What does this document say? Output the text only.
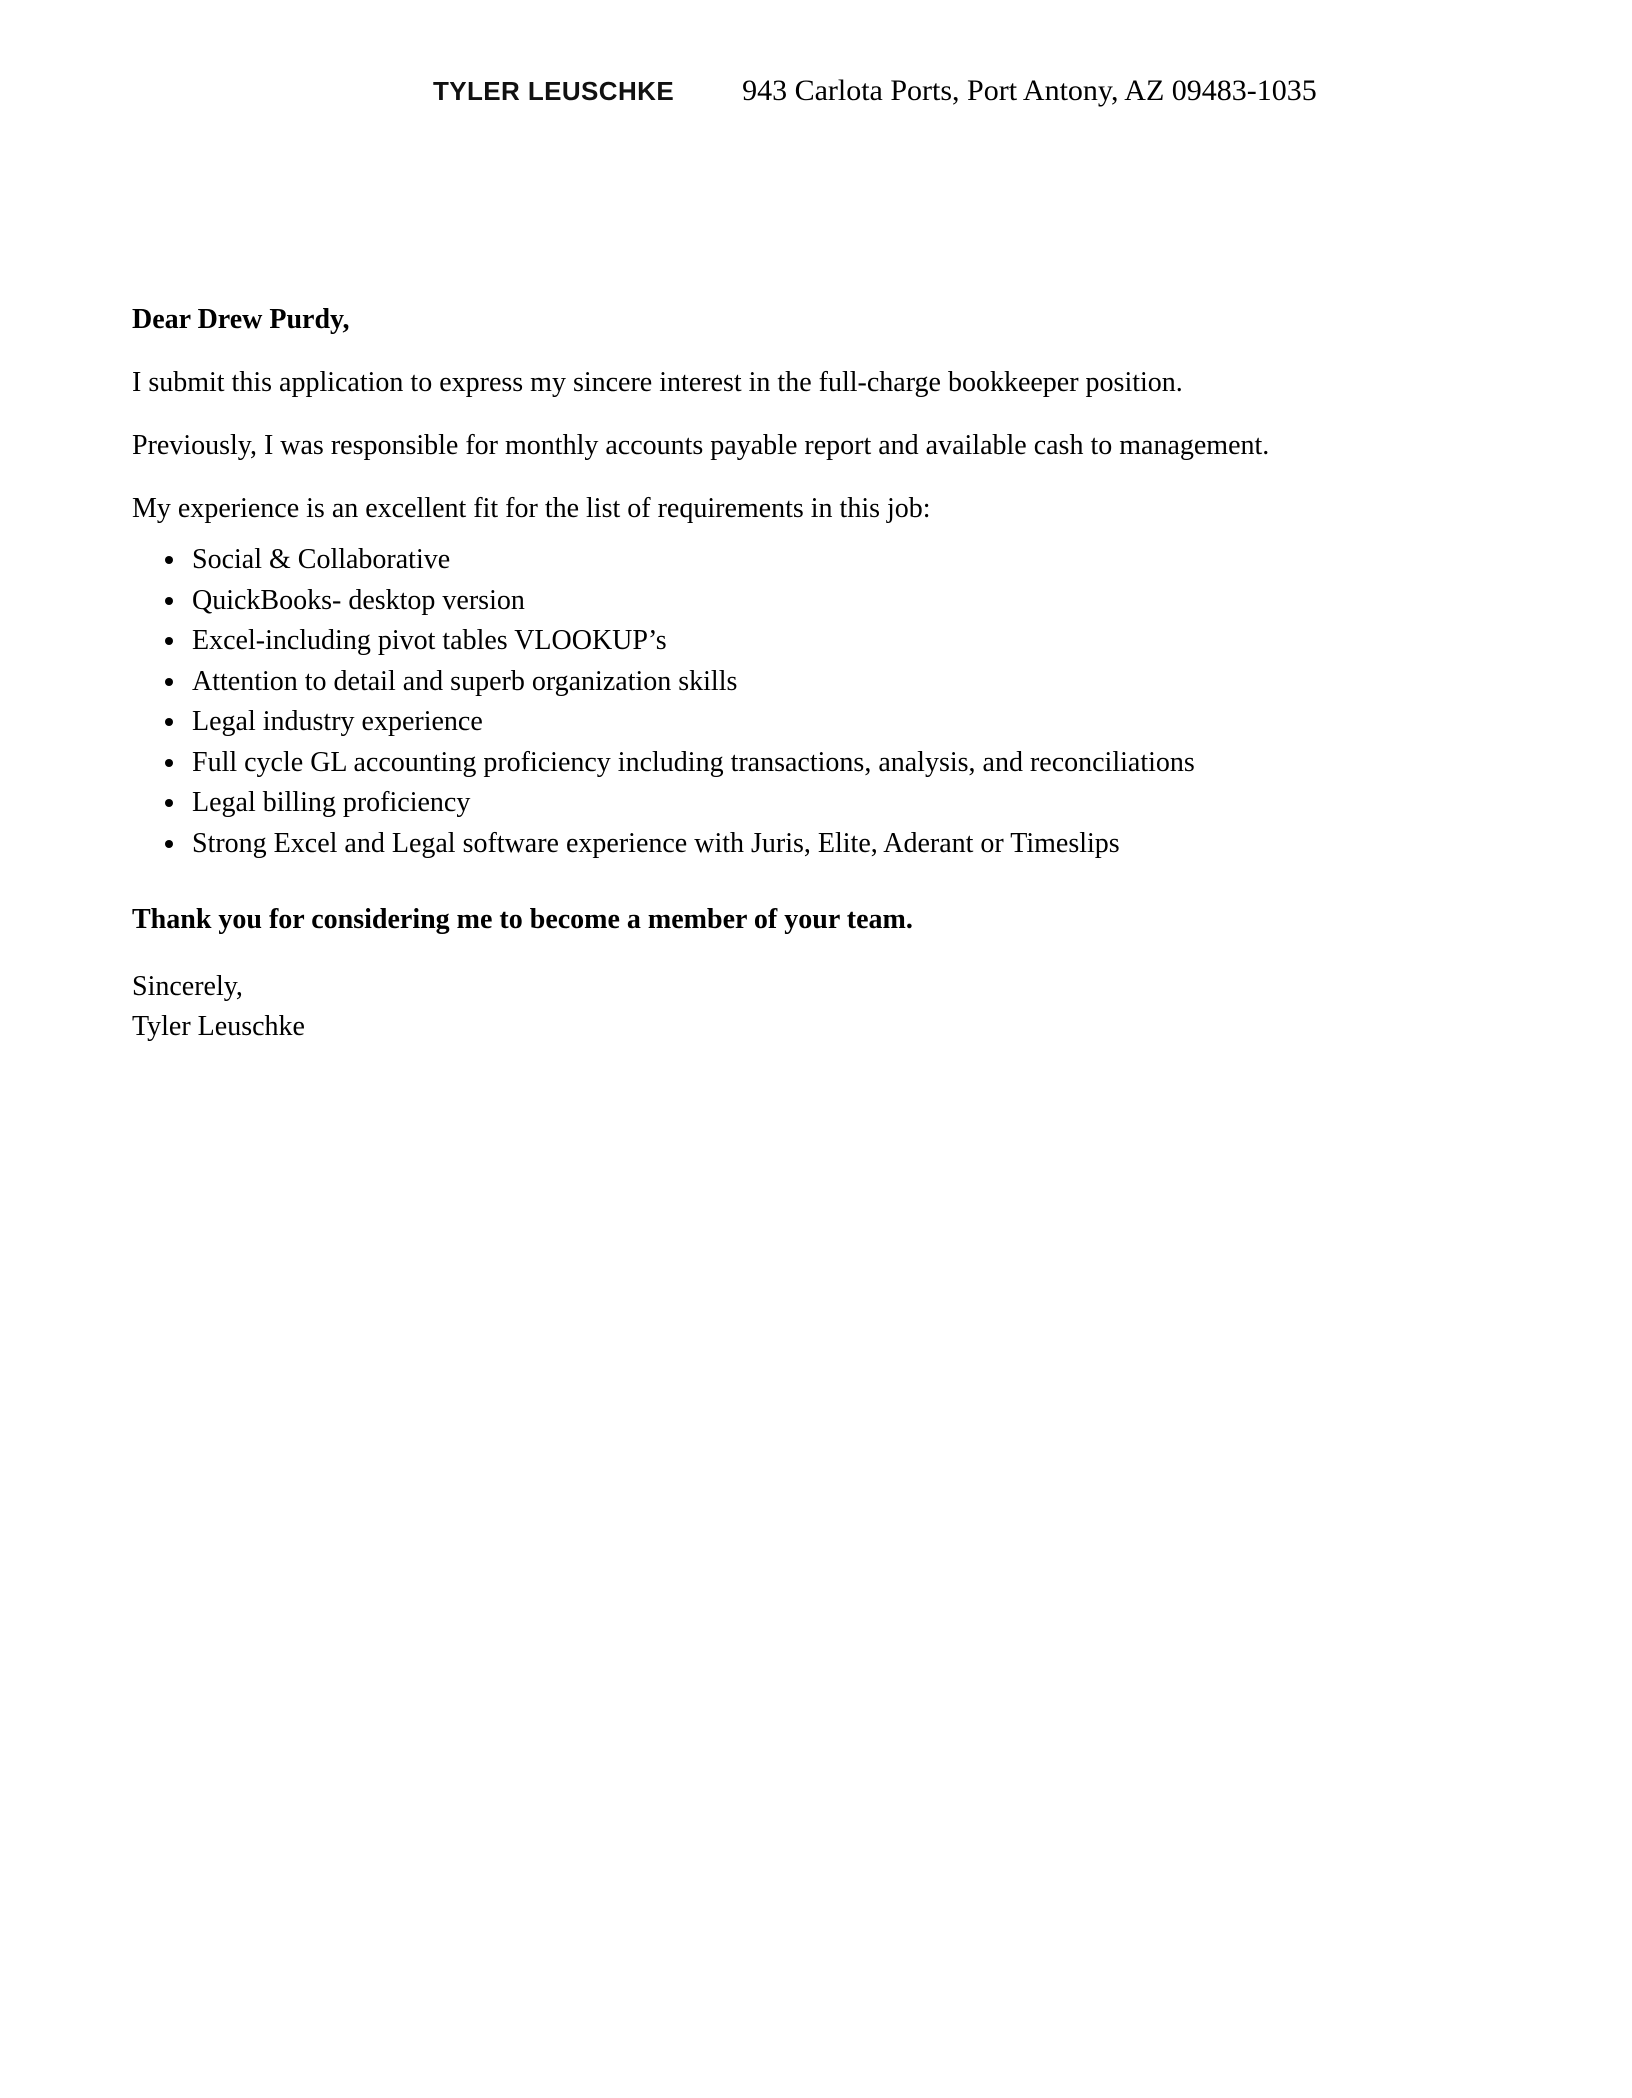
TYLER LEUSCHKE 943 Carlota Ports, Port Antony, AZ 09483-1035

Dear Drew Purdy,

I submit this application to express my sincere interest in the full-charge bookkeeper position.

Previously, I was responsible for monthly accounts payable report and available cash to management.

My experience is an excellent fit for the list of requirements in this job:

• Social & Collaborative
• QuickBooks- desktop version
• Excel-including pivot tables VLOOKUP’s
• Attention to detail and superb organization skills
• Legal industry experience
• Full cycle GL accounting proficiency including transactions, analysis, and reconciliations
• Legal billing proficiency
• Strong Excel and Legal software experience with Juris, Elite, Aderant or Timeslips

Thank you for considering me to become a member of your team.

Sincerely,
Tyler Leuschke
